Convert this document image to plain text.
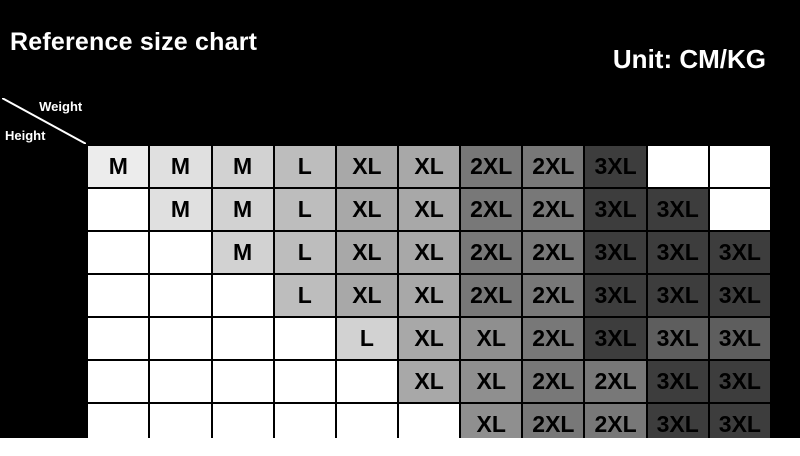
Reference size chart
Unit: CM/KG
Weight
Height	55	60	65	70	75	80	85	90	95	100	105
165	M	M	M	L	XL	XL	2XL	2XL	3XL		
170		M	M	L	XL	XL	2XL	2XL	3XL	3XL	
175			M	L	XL	XL	2XL	2XL	3XL	3XL	3XL
180				L	XL	XL	2XL	2XL	3XL	3XL	3XL
185					L	XL	XL	2XL	3XL	3XL	3XL
190						XL	XL	2XL	2XL	3XL	3XL
195							XL	2XL	2XL	3XL	3XL
